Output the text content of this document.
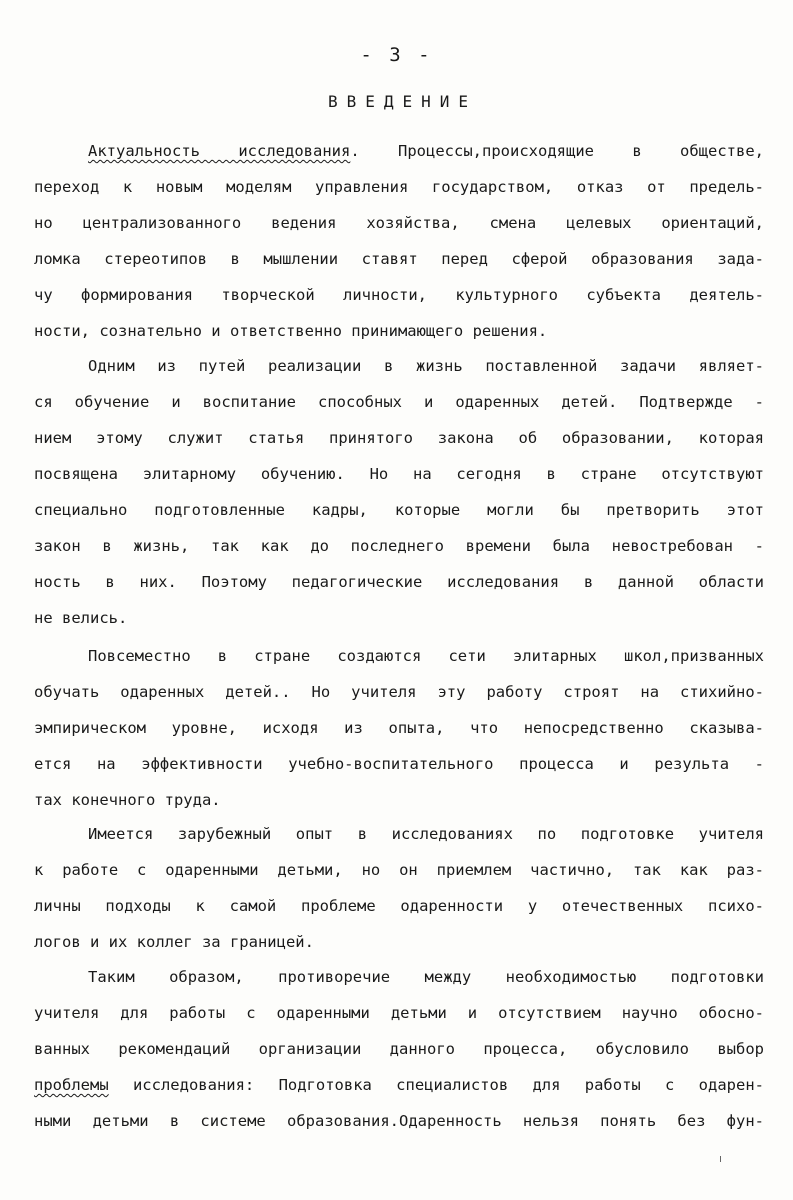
- 3 -
ВВЕДЕНИЕ
Актуальность исследования. Процессы,происходящие в обществе,
переход к новым моделям управления государством, отказ от предель-
но централизованного ведения хозяйства, смена целевых ориентаций,
ломка стереотипов в мышлении ставят перед сферой образования зада-
чу формирования творческой личности, культурного субъекта деятель-
ности, сознательно и ответственно принимающего решения.
Одним из путей реализации в жизнь поставленной задачи являет-
ся обучение и воспитание способных и одаренных детей. Подтвержде -
нием этому служит статья принятого закона об образовании, которая
посвящена элитарному обучению. Но на сегодня в стране отсутствуют
специально подготовленные кадры, которые могли бы претворить этот
закон в жизнь, так как до последнего времени была невостребован -
ность в них. Поэтому педагогические исследования в данной области
не велись.
Повсеместно в стране создаются сети элитарных школ,призванных
обучать одаренных детей.. Но учителя эту работу строят на стихийно-
эмпирическом уровне, исходя из опыта, что непосредственно сказыва-
ется на эффективности учебно-воспитательного процесса и результа -
тах конечного труда.
Имеется зарубежный опыт в исследованиях по подготовке учителя
к работе с одаренными детьми, но он приемлем частично, так как раз-
личны подходы к самой проблеме одаренности у отечественных психо-
логов и их коллег за границей.
Таким образом, противоречие между необходимостью подготовки
учителя для работы с одаренными детьми и отсутствием научно обосно-
ванных рекомендаций организации данного процесса, обусловило выбор
проблемы исследования: Подготовка специалистов для работы с одарен-
ными детьми в системе образования.Одаренность нельзя понять без фун-
